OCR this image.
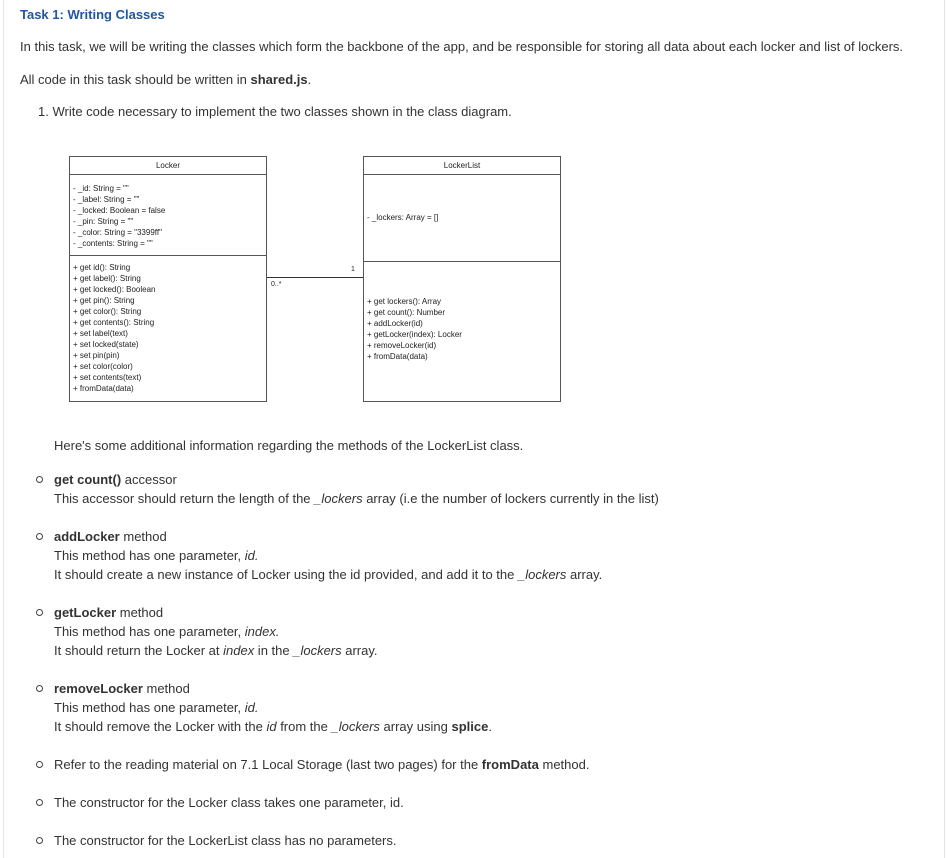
Task 1: Writing Classes

In this task, we will be writing the classes which form the backbone of the app, and be responsible for storing all data about each locker and list of lockers.

All code in this task should be written in shared.js.

1. Write code necessary to implement the two classes shown in the class diagram.

Locker
- _id: String = ""
- _label: String = ""
- _locked: Boolean = false
- _pin: String = ""
- _color: String = "3399ff"
- _contents: String = ""
+ get id(): String
+ get label(): String
+ get locked(): Boolean
+ get pin(): String
+ get color(): String
+ get contents(): String
+ set label(text)
+ set locked(state)
+ set pin(pin)
+ set color(color)
+ set contents(text)
+ fromData(data)
0..*
1
LockerList
- _lockers: Array = []
+ get lockers(): Array
+ get count(): Number
+ addLocker(id)
+ getLocker(index): Locker
+ removeLocker(id)
+ fromData(data)

Here's some additional information regarding the methods of the LockerList class.

get count() accessor
This accessor should return the length of the _lockers array (i.e the number of lockers currently in the list)
addLocker method
This method has one parameter, id.
It should create a new instance of Locker using the id provided, and add it to the _lockers array.
getLocker method
This method has one parameter, index.
It should return the Locker at index in the _lockers array.
removeLocker method
This method has one parameter, id.
It should remove the Locker with the id from the _lockers array using splice.
Refer to the reading material on 7.1 Local Storage (last two pages) for the fromData method.
The constructor for the Locker class takes one parameter, id.
The constructor for the LockerList class has no parameters.
